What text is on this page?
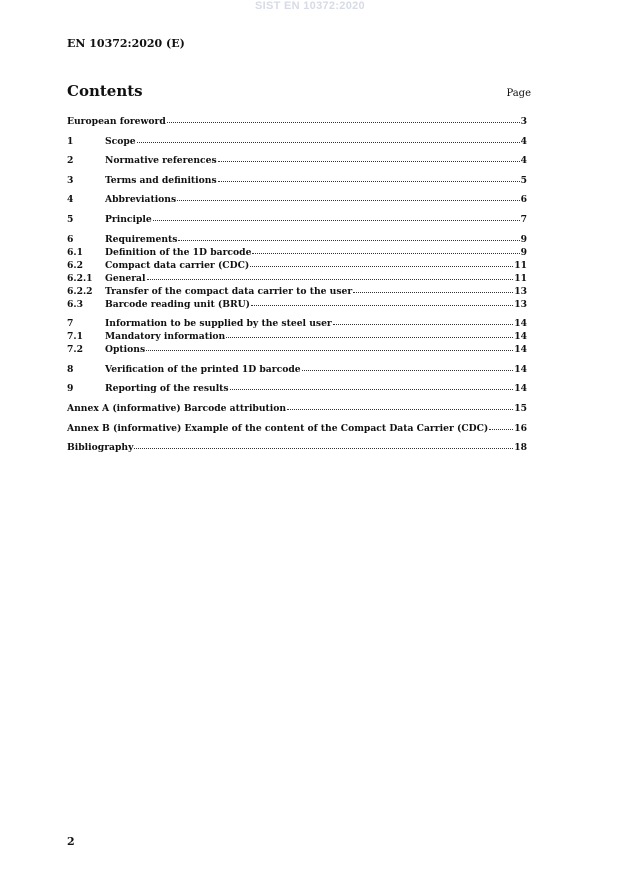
SIST EN 10372:2020
EN 10372:2020 (E)
Contents	Page
European foreword	3
1	Scope	4
2	Normative references	4
3	Terms and definitions	5
4	Abbreviations	6
5	Principle	7
6	Requirements	9
6.1	Definition of the 1D barcode	9
6.2	Compact data carrier (CDC)	11
6.2.1	General	11
6.2.2	Transfer of the compact data carrier to the user	13
6.3	Barcode reading unit (BRU)	13
7	Information to be supplied by the steel user	14
7.1	Mandatory information	14
7.2	Options	14
8	Verification of the printed 1D barcode	14
9	Reporting of the results	14
Annex A (informative) Barcode attribution	15
Annex B (informative) Example of the content of the Compact Data Carrier (CDC)	16
Bibliography	18
2
